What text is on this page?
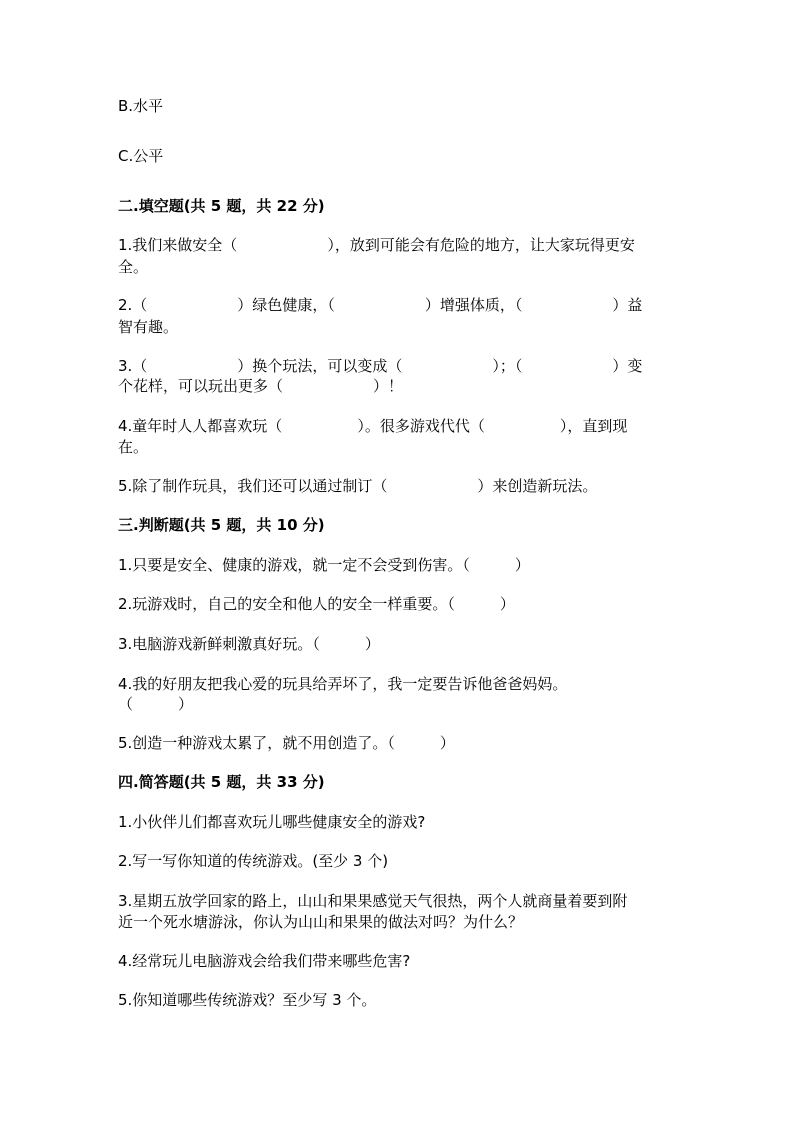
B.水平

C.公平

二.填空题(共 5 题，共 22 分)

1.我们来做安全（　　　　　　），放到可能会有危险的地方，让大家玩得更安

全。

2.（　　　　　　）绿色健康，（　　　　　　）增强体质，（　　　　　　）益

智有趣。

3.（　　　　　　）换个玩法，可以变成（　　　　　　）；（　　　　　　）变

个花样，可以玩出更多（　　　　　　）！

4.童年时人人都喜欢玩（　　　　　）。很多游戏代代（　　　　　），直到现

在。

5.除了制作玩具，我们还可以通过制订（　　　　　　）来创造新玩法。

三.判断题(共 5 题，共 10 分)

1.只要是安全、健康的游戏，就一定不会受到伤害。（　　　）

2.玩游戏时，自己的安全和他人的安全一样重要。（　　　）

3.电脑游戏新鲜刺激真好玩。（　　　）

4.我的好朋友把我心爱的玩具给弄坏了，我一定要告诉他爸爸妈妈。

（　　　）

5.创造一种游戏太累了，就不用创造了。（　　　）

四.简答题(共 5 题，共 33 分)

1.小伙伴儿们都喜欢玩儿哪些健康安全的游戏?

2.写一写你知道的传统游戏。(至少 3 个)

3.星期五放学回家的路上，山山和果果感觉天气很热，两个人就商量着要到附

近一个死水塘游泳，你认为山山和果果的做法对吗？为什么？

4.经常玩儿电脑游戏会给我们带来哪些危害?

5.你知道哪些传统游戏？至少写 3 个。
